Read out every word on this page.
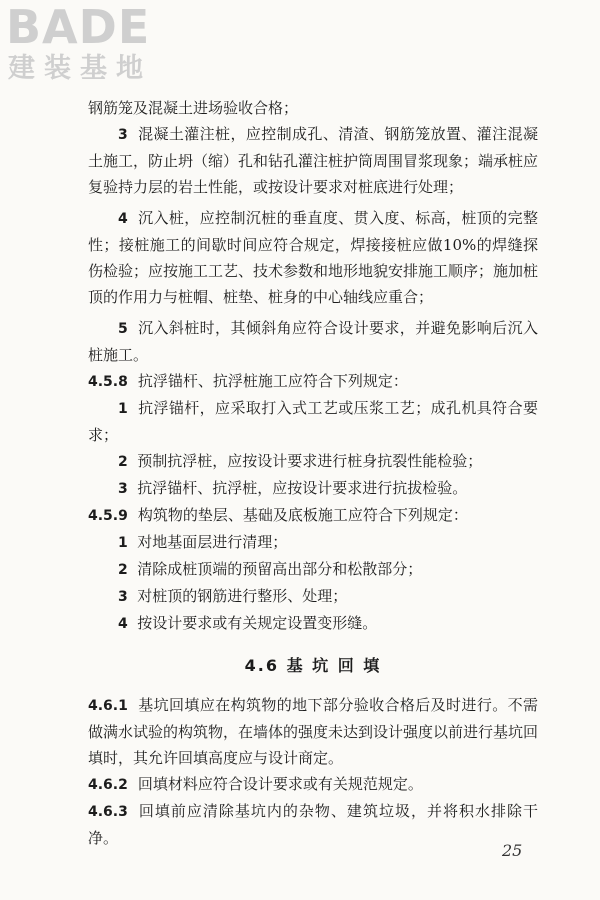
BADE
建装基地

钢筋笼及混凝土进场验收合格；

3 混凝土灌注桩，应控制成孔、清渣、钢筋笼放置、灌注混凝土施工，防止坍（缩）孔和钻孔灌注桩护筒周围冒浆现象；端承桩应复验持力层的岩土性能，或按设计要求对桩底进行处理；

4 沉入桩，应控制沉桩的垂直度、贯入度、标高，桩顶的完整性；接桩施工的间歇时间应符合规定，焊接接桩应做10%的焊缝探伤检验；应按施工工艺、技术参数和地形地貌安排施工顺序；施加桩顶的作用力与桩帽、桩垫、桩身的中心轴线应重合；

5 沉入斜桩时，其倾斜角应符合设计要求，并避免影响后沉入桩施工。

4.5.8 抗浮锚杆、抗浮桩施工应符合下列规定：

1 抗浮锚杆，应采取打入式工艺或压浆工艺；成孔机具符合要求；

2 预制抗浮桩，应按设计要求进行桩身抗裂性能检验；

3 抗浮锚杆、抗浮桩，应按设计要求进行抗拔检验。

4.5.9 构筑物的垫层、基础及底板施工应符合下列规定：

1 对地基面层进行清理；

2 清除成桩顶端的预留高出部分和松散部分；

3 对桩顶的钢筋进行整形、处理；

4 按设计要求或有关规定设置变形缝。

4.6 基 坑 回 填

4.6.1 基坑回填应在构筑物的地下部分验收合格后及时进行。不需做满水试验的构筑物，在墙体的强度未达到设计强度以前进行基坑回填时，其允许回填高度应与设计商定。

4.6.2 回填材料应符合设计要求或有关规范规定。

4.6.3 回填前应清除基坑内的杂物、建筑垃圾，并将积水排除干净。

25
